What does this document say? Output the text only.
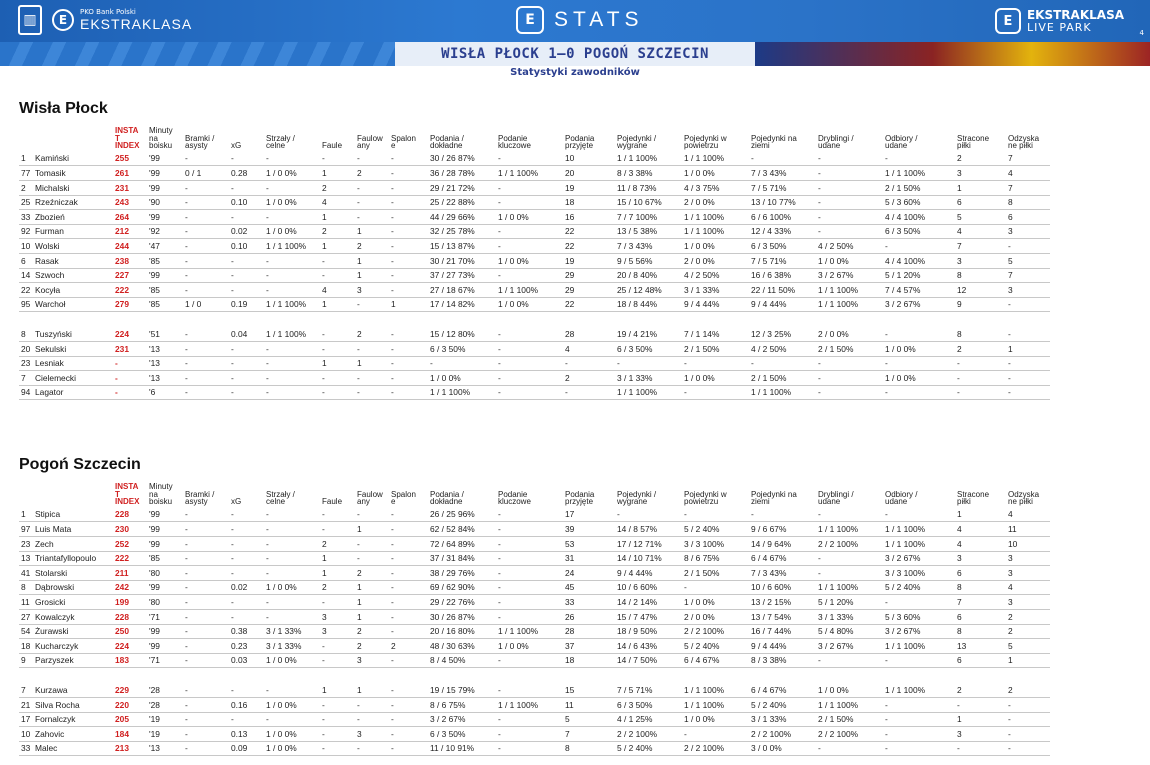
▥	E
PKO Bank Polski
EKSTRAKLASA	E STATS	E	EKSTRAKLASA
LIVE PARK	4
WISŁA PŁOCK 1–0 POGOŃ SZCZECIN
Statystyki zawodników
Wisła Płock

		INSTA
T
INDEX	Minuty
na
boisku	Bramki /
asysty	xG	Strzały /
celne	Faule	Faulow
any	Spalon
e	Podania /
dokładne	Podanie
kluczowe	Podania
przyjęte	Pojedynki /
wygrane	Pojedynki w
powietrzu	Pojedynki na
ziemi	Dryblingi /
udane	Odbiory /
udane	Stracone
piłki	Odzyska
ne piłki

1	Kamiński	255	'99	-	-	-	-	-	-	30 / 26 87%	-	10	1 / 1 100%	1 / 1 100%	-	-	-	2	7
77	Tomasik	261	'99	0 / 1	0.28	1 / 0 0%	1	2	-	36 / 28 78%	1 / 1 100%	20	8 / 3 38%	1 / 0 0%	7 / 3 43%	-	1 / 1 100%	3	4
2	Michalski	231	'99	-	-	-	2	-	-	29 / 21 72%	-	19	11 / 8 73%	4 / 3 75%	7 / 5 71%	-	2 / 1 50%	1	7
25	Rzeźniczak	243	'90	-	0.10	1 / 0 0%	4	-	-	25 / 22 88%	-	18	15 / 10 67%	2 / 0 0%	13 / 10 77%	-	5 / 3 60%	6	8
33	Zbozień	264	'99	-	-	-	1	-	-	44 / 29 66%	1 / 0 0%	16	7 / 7 100%	1 / 1 100%	6 / 6 100%	-	4 / 4 100%	5	6
92	Furman	212	'92	-	0.02	1 / 0 0%	2	1	-	32 / 25 78%	-	22	13 / 5 38%	1 / 1 100%	12 / 4 33%	-	6 / 3 50%	4	3
10	Wolski	244	'47	-	0.10	1 / 1 100%	1	2	-	15 / 13 87%	-	22	7 / 3 43%	1 / 0 0%	6 / 3 50%	4 / 2 50%	-	7	-
6	Rasak	238	'85	-	-	-	-	1	-	30 / 21 70%	1 / 0 0%	19	9 / 5 56%	2 / 0 0%	7 / 5 71%	1 / 0 0%	4 / 4 100%	3	5
14	Szwoch	227	'99	-	-	-	-	1	-	37 / 27 73%	-	29	20 / 8 40%	4 / 2 50%	16 / 6 38%	3 / 2 67%	5 / 1 20%	8	7
22	Kocyła	222	'85	-	-	-	4	3	-	27 / 18 67%	1 / 1 100%	29	25 / 12 48%	3 / 1 33%	22 / 11 50%	1 / 1 100%	7 / 4 57%	12	3
95	Warchoł	279	'85	1 / 0	0.19	1 / 1 100%	1	-	1	17 / 14 82%	1 / 0 0%	22	18 / 8 44%	9 / 4 44%	9 / 4 44%	1 / 1 100%	3 / 2 67%	9	-

8	Tuszyński	224	'51	-	0.04	1 / 1 100%	-	2	-	15 / 12 80%	-	28	19 / 4 21%	7 / 1 14%	12 / 3 25%	2 / 0 0%	-	8	-
20	Sekulski	231	'13	-	-	-	-	-	-	6 / 3 50%	-	4	6 / 3 50%	2 / 1 50%	4 / 2 50%	2 / 1 50%	1 / 0 0%	2	1
23	Lesniak	-	'13	-	-	-	1	1	-	-	-	-	-	-	-	-	-	-	-
7	Cielemecki	-	'13	-	-	-	-	-	-	1 / 0 0%	-	2	3 / 1 33%	1 / 0 0%	2 / 1 50%	-	1 / 0 0%	-	-
94	Lagator	-	'6	-	-	-	-	-	-	1 / 1 100%	-	-	1 / 1 100%	-	1 / 1 100%	-	-	-	-
Pogoń Szczecin

		INSTA
T
INDEX	Minuty
na
boisku	Bramki /
asysty	xG	Strzały /
celne	Faule	Faulow
any	Spalon
e	Podania /
dokładne	Podanie
kluczowe	Podania
przyjęte	Pojedynki /
wygrane	Pojedynki w
powietrzu	Pojedynki na
ziemi	Dryblingi /
udane	Odbiory /
udane	Stracone
piłki	Odzyska
ne piłki

1	Stipica	228	'99	-	-	-	-	-	-	26 / 25 96%	-	17	-	-	-	-	-	1	4
97	Luis Mata	230	'99	-	-	-	-	1	-	62 / 52 84%	-	39	14 / 8 57%	5 / 2 40%	9 / 6 67%	1 / 1 100%	1 / 1 100%	4	11
23	Zech	252	'99	-	-	-	2	-	-	72 / 64 89%	-	53	17 / 12 71%	3 / 3 100%	14 / 9 64%	2 / 2 100%	1 / 1 100%	4	10
13	Triantafyllopoulo	222	'85	-	-	-	1	-	-	37 / 31 84%	-	31	14 / 10 71%	8 / 6 75%	6 / 4 67%	-	3 / 2 67%	3	3
41	Stolarski	211	'80	-	-	-	1	2	-	38 / 29 76%	-	24	9 / 4 44%	2 / 1 50%	7 / 3 43%	-	3 / 3 100%	6	3
8	Dąbrowski	242	'99	-	0.02	1 / 0 0%	2	1	-	69 / 62 90%	-	45	10 / 6 60%	-	10 / 6 60%	1 / 1 100%	5 / 2 40%	8	4
11	Grosicki	199	'80	-	-	-	-	1	-	29 / 22 76%	-	33	14 / 2 14%	1 / 0 0%	13 / 2 15%	5 / 1 20%	-	7	3
27	Kowalczyk	228	'71	-	-	-	3	1	-	30 / 26 87%	-	26	15 / 7 47%	2 / 0 0%	13 / 7 54%	3 / 1 33%	5 / 3 60%	6	2
54	Żurawski	250	'99	-	0.38	3 / 1 33%	3	2	-	20 / 16 80%	1 / 1 100%	28	18 / 9 50%	2 / 2 100%	16 / 7 44%	5 / 4 80%	3 / 2 67%	8	2
18	Kucharczyk	224	'99	-	0.23	3 / 1 33%	-	2	2	48 / 30 63%	1 / 0 0%	37	14 / 6 43%	5 / 2 40%	9 / 4 44%	3 / 2 67%	1 / 1 100%	13	5
9	Parzyszek	183	'71	-	0.03	1 / 0 0%	-	3	-	8 / 4 50%	-	18	14 / 7 50%	6 / 4 67%	8 / 3 38%	-	-	6	1

7	Kurzawa	229	'28	-	-	-	1	1	-	19 / 15 79%	-	15	7 / 5 71%	1 / 1 100%	6 / 4 67%	1 / 0 0%	1 / 1 100%	2	2
21	Silva Rocha	220	'28	-	0.16	1 / 0 0%	-	-	-	8 / 6 75%	1 / 1 100%	11	6 / 3 50%	1 / 1 100%	5 / 2 40%	1 / 1 100%	-	-	-
17	Fornalczyk	205	'19	-	-	-	-	-	-	3 / 2 67%	-	5	4 / 1 25%	1 / 0 0%	3 / 1 33%	2 / 1 50%	-	1	-
10	Zahovic	184	'19	-	0.13	1 / 0 0%	-	3	-	6 / 3 50%	-	7	2 / 2 100%	-	2 / 2 100%	2 / 2 100%	-	3	-
33	Malec	213	'13	-	0.09	1 / 0 0%	-	-	-	11 / 10 91%	-	8	5 / 2 40%	2 / 2 100%	3 / 0 0%	-	-	-	-
